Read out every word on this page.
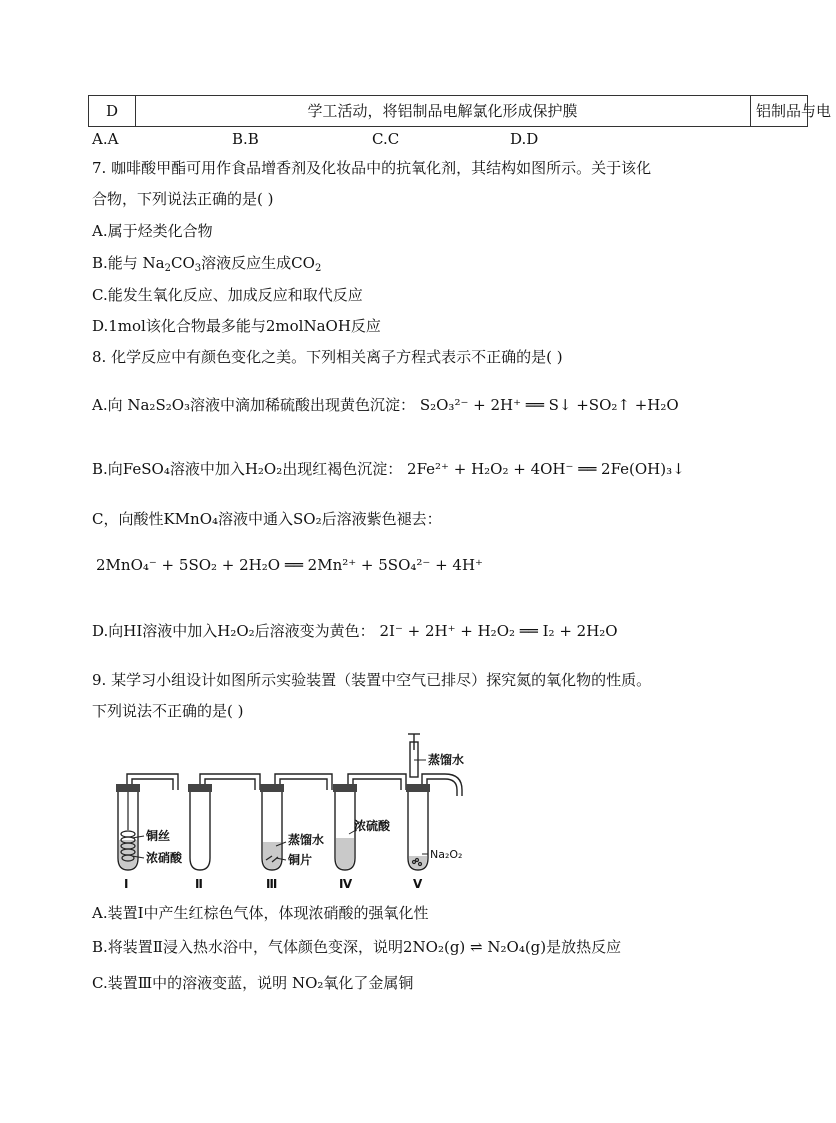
D	学工活动，将铝制品电解氯化形成保护膜	铝制品与电
A.A	B.B	C.C	D.D
7. 咖啡酸甲酯可用作食品增香剂及化妆品中的抗氧化剂，其结构如图所示。关于该化
合物，下列说法正确的是( )
A.属于烃类化合物
B.能与 $Na_2CO_3$溶液反应生成$CO_2$
C.能发生氧化反应、加成反应和取代反应
D.1mol该化合物最多能与2molNaOH反应
8. 化学反应中有颜色变化之美。下列相关离子方程式表示不正确的是( )
A.向 Na₂S₂O₃溶液中滴加稀硫酸出现黄色沉淀： S₂O₃²⁻ + 2H⁺ ══ S↓ +SO₂↑ +H₂O
B.向FeSO₄溶液中加入H₂O₂出现红褐色沉淀： 2Fe²⁺ + H₂O₂ + 4OH⁻ ══ 2Fe(OH)₃↓
C，向酸性KMnO₄溶液中通入SO₂后溶液紫色褪去：
2MnO₄⁻ + 5SO₂ + 2H₂O ══ 2Mn²⁺ + 5SO₄²⁻ + 4H⁺
D.向HI溶液中加入H₂O₂后溶液变为黄色： 2I⁻ + 2H⁺ + H₂O₂ ══ I₂ + 2H₂O
9. 某学习小组设计如图所示实验装置（装置中空气已排尽）探究氮的氧化物的性质。
下列说法不正确的是( )
蒸馏水
铜丝
浓硝酸
蒸馏水
铜片
浓硫酸
Na₂O₂
Ⅰ	Ⅱ	Ⅲ	Ⅳ	Ⅴ
A.装置Ⅰ中产生红棕色气体，体现浓硝酸的强氧化性
B.将装置Ⅱ浸入热水浴中，气体颜色变深，说明2NO₂(g) ⇌ N₂O₄(g)是放热反应
C.装置Ⅲ中的溶液变蓝，说明 NO₂氧化了金属铜
